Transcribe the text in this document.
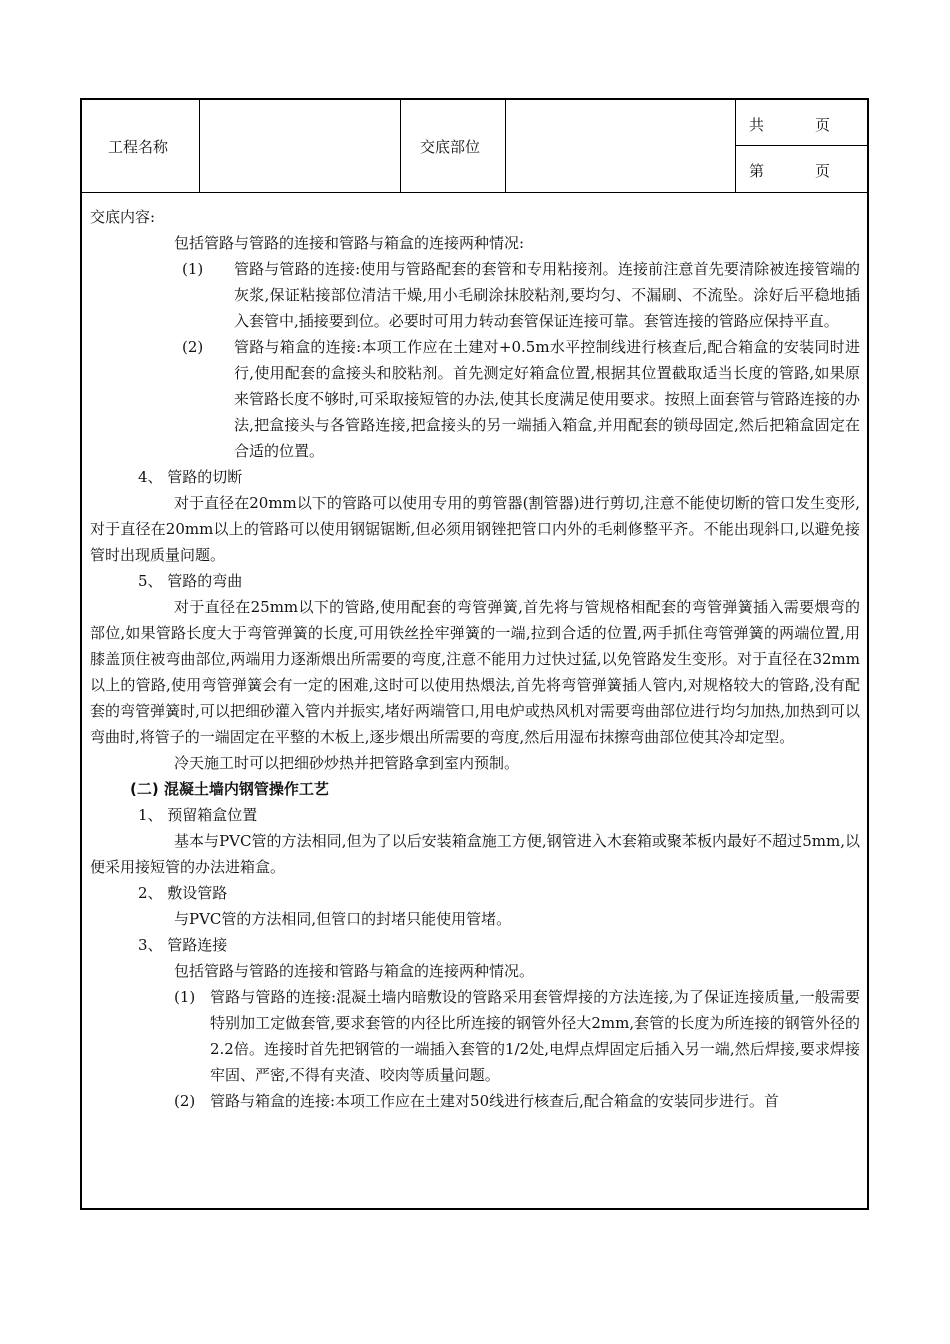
工程名称	交底部位
共	页
第	页

交底内容:

包括管路与管路的连接和管路与箱盒的连接两种情况:

(1) 管路与管路的连接:使用与管路配套的套管和专用粘接剂。连接前注意首先要清除被连接管端的灰浆,保证粘接部位清洁干燥,用小毛刷涂抹胶粘剂,要均匀、不漏刷、不流坠。涂好后平稳地插入套管中,插接要到位。必要时可用力转动套管保证连接可靠。套管连接的管路应保持平直。
(2) 管路与箱盒的连接:本项工作应在土建对+0.5m水平控制线进行核查后,配合箱盒的安装同时进行,使用配套的盒接头和胶粘剂。首先测定好箱盒位置,根据其位置截取适当长度的管路,如果原来管路长度不够时,可采取接短管的办法,使其长度满足使用要求。按照上面套管与管路连接的办法,把盒接头与各管路连接,把盒接头的另一端插入箱盒,并用配套的锁母固定,然后把箱盒固定在合适的位置。

4、 管路的切断

对于直径在20mm以下的管路可以使用专用的剪管器(割管器)进行剪切,注意不能使切断的管口发生变形,对于直径在20mm以上的管路可以使用钢锯锯断,但必须用钢锉把管口内外的毛刺修整平齐。不能出现斜口,以避免接管时出现质量问题。

5、 管路的弯曲

对于直径在25mm以下的管路,使用配套的弯管弹簧,首先将与管规格相配套的弯管弹簧插入需要煨弯的部位,如果管路长度大于弯管弹簧的长度,可用铁丝拴牢弹簧的一端,拉到合适的位置,两手抓住弯管弹簧的两端位置,用膝盖顶住被弯曲部位,两端用力逐渐煨出所需要的弯度,注意不能用力过快过猛,以免管路发生变形。对于直径在32mm以上的管路,使用弯管弹簧会有一定的困难,这时可以使用热煨法,首先将弯管弹簧插人管内,对规格较大的管路,没有配套的弯管弹簧时,可以把细砂灌入管内并振实,堵好两端管口,用电炉或热风机对需要弯曲部位进行均匀加热,加热到可以弯曲时,将管子的一端固定在平整的木板上,逐步煨出所需要的弯度,然后用湿布抹擦弯曲部位使其冷却定型。

冷天施工时可以把细砂炒热并把管路拿到室内预制。

(二) 混凝土墙内钢管操作工艺

1、 预留箱盒位置

基本与PVC管的方法相同,但为了以后安装箱盒施工方便,钢管进入木套箱或聚苯板内最好不超过5mm,以便采用接短管的办法进箱盒。

2、 敷设管路

与PVC管的方法相同,但管口的封堵只能使用管堵。

3、 管路连接

包括管路与管路的连接和管路与箱盒的连接两种情况。

(1) 管路与管路的连接:混凝土墙内暗敷设的管路采用套管焊接的方法连接,为了保证连接质量,一般需要特别加工定做套管,要求套管的内径比所连接的钢管外径大2mm,套管的长度为所连接的钢管外径的2.2倍。连接时首先把钢管的一端插入套管的1/2处,电焊点焊固定后插入另一端,然后焊接,要求焊接牢固、严密,不得有夹渣、咬肉等质量问题。
(2) 管路与箱盒的连接:本项工作应在土建对50线进行核查后,配合箱盒的安装同步进行。首
